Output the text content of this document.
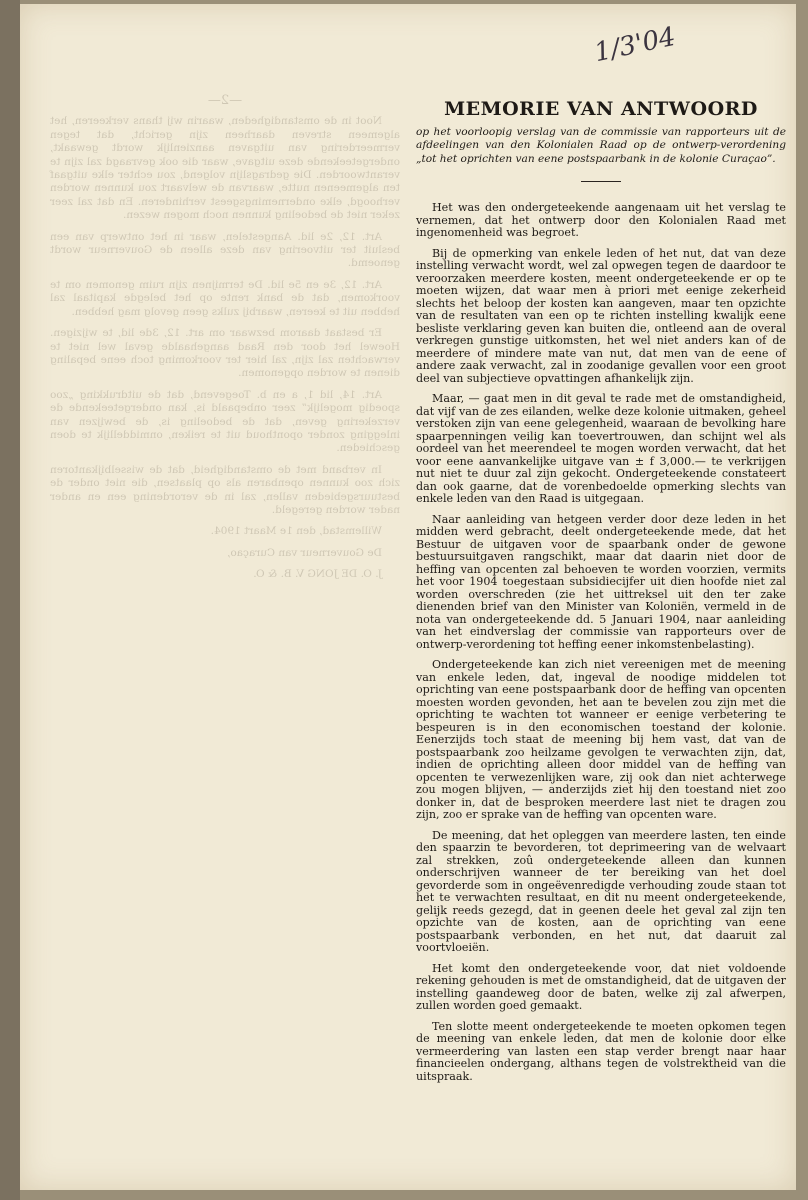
—2—

Noot in de omstandigheden, waarin wij thans verkeeren, het algemeen streven daarheen zijn gericht, dat tegen vermeerdering van uitgaven aanzienlijk wordt gewaakt, ondergeteekende deze uitgave, waar die ook gevraagd zal zijn te verantwoorden. Die gedragslijn volgend, zou echter elke uitgaaf ten algemeenen nutte, waarvan de welvaart zou kunnen worden verhoogd, elke ondernemingsgeest verhinderen. En dat zal zeer zeker niet de bedoeling kunnen noch mogen wezen.

Art. 12, 2e lid. Aangestelen, waar in het ontwerp van een besluit ter uitvoering van deze alleen de Gouverneur wordt genoemd.

Art. 12, 3e en 5e lid. De termijnen zijn ruim genomen om te voorkomen, dat de bank rente op het belegde kapitaal zal hebben uit te keeren, waarbij zulks geen gevolg mag hebben.

Er bestaat daarom bezwaar om art. 12, 3de lid, te wijzigen. Hoewel het door den Raad aangehaalde geval wel niet te verwachten zal zijn, zal hier ter voorkoming toch eene bepaling dienen te worden opgenomen.

Art. 14, lid 1, a en b. Toegevend, dat de uitdrukking „zoo spoedig mogelijk” zeer onbepaald is, kan ondergeteekende de verzekering geven, dat de bedoeling is, de bewijzen van inlegging zonder oponthoud uit te reiken, onmiddellijk te doen geschieden.

In verband met de omstandigheid, dat de wisselbijkantoren zich zoo kunnen openbaren als op plaatsen, die niet onder de bestuursgebieden vallen, zal in de verordening een en ander nader worden geregeld.

Willemstad, den 1e Maart 1904.

De Gouverneur van Curaçao,

J. O. DE JONG V. B. & O.

1/3'04
MEMORIE VAN ANTWOORD
op het voorloopig verslag van de commissie van rapporteurs uit de afdeelingen van den Kolonialen Raad op de ontwerp-verordening „tot het oprichten van eene postspaarbank in de kolonie Curaçao”.

Het was den ondergeteekende aangenaam uit het verslag te vernemen, dat het ontwerp door den Kolonialen Raad met ingenomenheid was begroet.

Bij de opmerking van enkele leden of het nut, dat van deze instelling verwacht wordt, wel zal opwegen tegen de daardoor te veroorzaken meerdere kosten, meent ondergeteekende er op te moeten wijzen, dat waar men à priori met eenige zekerheid slechts het beloop der kosten kan aangeven, maar ten opzichte van de resultaten van een op te richten instelling kwalijk eene besliste verklaring geven kan buiten die, ontleend aan de overal verkregen gunstige uitkomsten, het wel niet anders kan of de meerdere of mindere mate van nut, dat men van de eene of andere zaak verwacht, zal in zoodanige gevallen voor een groot deel van subjectieve opvattingen afhankelijk zijn.

Maar, — gaat men in dit geval te rade met de omstandigheid, dat vijf van de zes eilanden, welke deze kolonie uitmaken, geheel verstoken zijn van eene gelegenheid, waaraan de bevolking hare spaarpenningen veilig kan toevertrouwen, dan schijnt wel als oordeel van het meerendeel te mogen worden verwacht, dat het voor eene aanvankelijke uitgave van ± f 3,000.— te verkrijgen nut niet te duur zal zijn gekocht. Ondergeteekende constateert dan ook gaarne, dat de vorenbedoelde opmerking slechts van enkele leden van den Raad is uitgegaan.

Naar aanleiding van hetgeen verder door deze leden in het midden werd gebracht, deelt ondergeteekende mede, dat het Bestuur de uitgaven voor de spaarbank onder de gewone bestuursuitgaven rangschikt, maar dat daarin niet door de heffing van opcenten zal behoeven te worden voorzien, vermits het voor 1904 toegestaan subsidiecijfer uit dien hoofde niet zal worden overschreden (zie het uittreksel uit den ter zake dienenden brief van den Minister van Koloniën, vermeld in de nota van ondergeteekende dd. 5 Januari 1904, naar aanleiding van het eindverslag der commissie van rapporteurs over de ontwerp-verordening tot heffing eener inkomstenbelasting).

Ondergeteekende kan zich niet vereenigen met de meening van enkele leden, dat, ingeval de noodige middelen tot oprichting van eene postspaarbank door de heffing van opcenten moesten worden gevonden, het aan te bevelen zou zijn met die oprichting te wachten tot wanneer er eenige verbetering te bespeuren is in den economischen toestand der kolonie. Eenerzijds toch staat de meening bij hem vast, dat van de postspaarbank zoo heilzame gevolgen te verwachten zijn, dat, indien de oprichting alleen door middel van de heffing van opcenten te verwezenlijken ware, zij ook dan niet achterwege zou mogen blijven, — anderzijds ziet hij den toestand niet zoo donker in, dat de besproken meerdere last niet te dragen zou zijn, zoo er sprake van de heffing van opcenten ware.

De meening, dat het opleggen van meerdere lasten, ten einde den spaarzin te bevorderen, tot deprimeering van de welvaart zal strekken, zoû ondergeteekende alleen dan kunnen onderschrijven wanneer de ter bereiking van het doel gevorderde som in ongeëvenredigde verhouding zoude staan tot het te verwachten resultaat, en dit nu meent ondergeteekende, gelijk reeds gezegd, dat in geenen deele het geval zal zijn ten opzichte van de kosten, aan de oprichting van eene postspaarbank verbonden, en het nut, dat daaruit zal voortvloeiën.

Het komt den ondergeteekende voor, dat niet voldoende rekening gehouden is met de omstandigheid, dat de uitgaven der instelling gaandeweg door de baten, welke zij zal afwerpen, zullen worden goed gemaakt.

Ten slotte meent ondergeteekende te moeten opkomen tegen de meening van enkele leden, dat men de kolonie door elke vermeerdering van lasten een stap verder brengt naar haar financieelen ondergang, althans tegen de volstrektheid van die uitspraak.
